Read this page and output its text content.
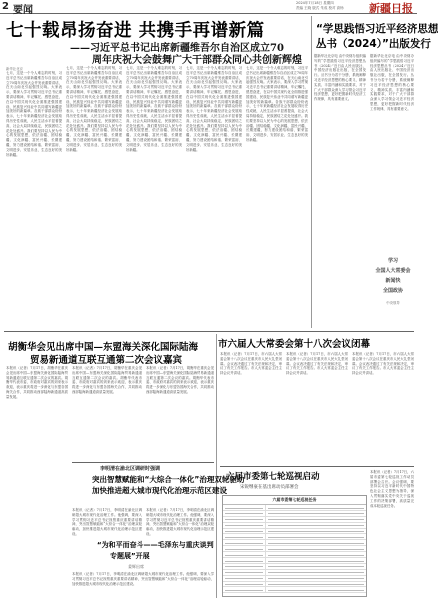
2 要闻
2024年7月18日 星期四
责编 王晓 版式 朱成 校对 高杨 新疆日报
七十载昂扬奋进 共携手再谱新篇
——习近平总书记出席新疆维吾尔自治区成立70
周年庆祝大会鼓舞广大干部群众同心共创新辉煌
“学思践悟习近平经济思想
丛书（2024）”出版发行
新华社北京
七月，这是一个令人难忘的时刻，习近平总书记出席新疆维吾尔自治区成立70周年庆祝大会并发表重要讲话，在天山南北引起强烈反响。大家表示，要深入学习贯彻习近平总书记重要讲话精神，牢记嘱托、感恩奋进，在以中国式现代化全面推进强国建设、民族复兴伟业中共同谱写新疆更加美好的新篇章。各族干部群众纷纷表示，七十年来新疆经济社会发展取得历史性成就，人民生活水平显著提高，社会大局持续稳定，民族团结之花处处盛开。我们要坚持以人民为中心的发展思想，依法治疆、团结稳疆、文化润疆、富民兴疆、长期建疆，努力建设团结和谐、繁荣富裕、文明进步、安居乐业、生态良好的美好新疆。
七月，这是一个令人难忘的时刻，习近平总书记出席新疆维吾尔自治区成立70周年庆祝大会并发表重要讲话，在天山南北引起强烈反响。大家表示，要深入学习贯彻习近平总书记重要讲话精神，牢记嘱托、感恩奋进，在以中国式现代化全面推进强国建设、民族复兴伟业中共同谱写新疆更加美好的新篇章。各族干部群众纷纷表示，七十年来新疆经济社会发展取得历史性成就，人民生活水平显著提高，社会大局持续稳定，民族团结之花处处盛开。我们要坚持以人民为中心的发展思想，依法治疆、团结稳疆、文化润疆、富民兴疆、长期建疆，努力建设团结和谐、繁荣富裕、文明进步、安居乐业、生态良好的美好新疆。
七月，这是一个令人难忘的时刻，习近平总书记出席新疆维吾尔自治区成立70周年庆祝大会并发表重要讲话，在天山南北引起强烈反响。大家表示，要深入学习贯彻习近平总书记重要讲话精神，牢记嘱托、感恩奋进，在以中国式现代化全面推进强国建设、民族复兴伟业中共同谱写新疆更加美好的新篇章。各族干部群众纷纷表示，七十年来新疆经济社会发展取得历史性成就，人民生活水平显著提高，社会大局持续稳定，民族团结之花处处盛开。我们要坚持以人民为中心的发展思想，依法治疆、团结稳疆、文化润疆、富民兴疆、长期建疆，努力建设团结和谐、繁荣富裕、文明进步、安居乐业、生态良好的美好新疆。
七月，这是一个令人难忘的时刻，习近平总书记出席新疆维吾尔自治区成立70周年庆祝大会并发表重要讲话，在天山南北引起强烈反响。大家表示，要深入学习贯彻习近平总书记重要讲话精神，牢记嘱托、感恩奋进，在以中国式现代化全面推进强国建设、民族复兴伟业中共同谱写新疆更加美好的新篇章。各族干部群众纷纷表示，七十年来新疆经济社会发展取得历史性成就，人民生活水平显著提高，社会大局持续稳定，民族团结之花处处盛开。我们要坚持以人民为中心的发展思想，依法治疆、团结稳疆、文化润疆、富民兴疆、长期建疆，努力建设团结和谐、繁荣富裕、文明进步、安居乐业、生态良好的美好新疆。
七月，这是一个令人难忘的时刻，习近平总书记出席新疆维吾尔自治区成立70周年庆祝大会并发表重要讲话，在天山南北引起强烈反响。大家表示，要深入学习贯彻习近平总书记重要讲话精神，牢记嘱托、感恩奋进，在以中国式现代化全面推进强国建设、民族复兴伟业中共同谱写新疆更加美好的新篇章。各族干部群众纷纷表示，七十年来新疆经济社会发展取得历史性成就，人民生活水平显著提高，社会大局持续稳定，民族团结之花处处盛开。我们要坚持以人民为中心的发展思想，依法治疆、团结稳疆、文化润疆、富民兴疆、长期建疆，努力建设团结和谐、繁荣富裕、文明进步、安居乐业、生态良好的美好新疆。
据新华社北京电 由中央财办组织编写的“学思践悟习近平经济思想丛书（2024）”近日由人民出版社、中国经济出版社出版，在全国发行。丛书分为若干分册，系统阐释习近平经济思想的核心要义、精神实质、丰富内涵和实践要求，对于广大干部群众深入学习领会习近平经济思想，更好把握新时代经济工作规律，具有重要意义。
据新华社北京电 由中央财办组织编写的“学思践悟习近平经济思想丛书（2024）”近日由人民出版社、中国经济出版社出版，在全国发行。丛书分为若干分册，系统阐释习近平经济思想的核心要义、精神实质、丰富内涵和实践要求，对于广大干部群众深入学习领会习近平经济思想，更好把握新时代经济工作规律，具有重要意义。
学习
全国人大常委会
新闻快
全国政协
中央领导
胡衡华会见出席中国—东盟海关深化国际陆海
贸易新通道互联互通第二次会议嘉宾
本报讯（记者）7月17日，胡衡华在重庆会见出席中国—东盟海关深化国际陆海贸易新通道互联互通第二次会议的嘉宾。胡衡华代表市委、市政府对嘉宾的到来表示欢迎，表示重庆将进一步深化与东盟各国海关合作，共同推动西部陆海新通道高质量发展。
本报讯（记者）7月17日，胡衡华在重庆会见出席中国—东盟海关深化国际陆海贸易新通道互联互通第二次会议的嘉宾。胡衡华代表市委、市政府对嘉宾的到来表示欢迎，表示重庆将进一步深化与东盟各国海关合作，共同推动西部陆海新通道高质量发展。
本报讯（记者）7月17日，胡衡华在重庆会见出席中国—东盟海关深化国际陆海贸易新通道互联互通第二次会议的嘉宾。胡衡华代表市委、市政府对嘉宾的到来表示欢迎，表示重庆将进一步深化与东盟各国海关合作，共同推动西部陆海新通道高质量发展。
市六届人大常委会第十八次会议闭幕
本报讯（记者）7月17日，市六届人大常委会第十八次会议在重庆市人民大礼堂闭幕。会议表决通过了有关法规和决定，审议了有关工作报告。市人大常委会主任主持会议并讲话。
本报讯（记者）7月17日，市六届人大常委会第十八次会议在重庆市人民大礼堂闭幕。会议表决通过了有关法规和决定，审议了有关工作报告。市人大常委会主任主持会议并讲话。
本报讯（记者）7月17日，市六届人大常委会第十八次会议在重庆市人民大礼堂闭幕。会议表决通过了有关法规和决定，审议了有关工作报告。市人大常委会主任主持会议并讲话。
李明清在渝北区调研时强调
突出智慧赋能和“大综合一体化”治理双轮驱动
加快推进超大城市现代化治理示范区建设
本报讯（记者）7月17日，李明清在渝北区调研超大城市现代化治理工作。他强调，要深入学习贯彻习近平总书记视察重庆重要讲话精神，突出智慧赋能和“大综合一体化”治理双轮驱动，加快推进超大城市现代化治理示范区建设。
本报讯（记者）7月17日，李明清在渝北区调研超大城市现代化治理工作。他强调，要深入学习贯彻习近平总书记视察重庆重要讲话精神，突出智慧赋能和“大综合一体化”治理双轮驱动，加快推进超大城市现代化治理示范区建设。
“为和平而奋斗——毛泽东与重庆谈判
专题展”开展
姜辉出席
本报讯（记者）7月17日，李明清在渝北区调研超大城市现代化治理工作。他强调，要深入学习贯彻习近平总书记视察重庆重要讲话精神，突出智慧赋能和“大综合一体化”治理双轮驱动，加快推进超大城市现代化治理示范区建设。
六届市委第七轮巡视启动
宋锐继豪在基出席动员部署会
六届市委第七轮巡视任务
本报讯（记者）7月17日，六届市委第七轮巡视工作动员部署会召开。会议强调，要坚持以习近平新时代中国特色社会主义思想为指导，深入贯彻落实党中央关于巡视工作的决策部署，高质量完成本轮巡视任务。
